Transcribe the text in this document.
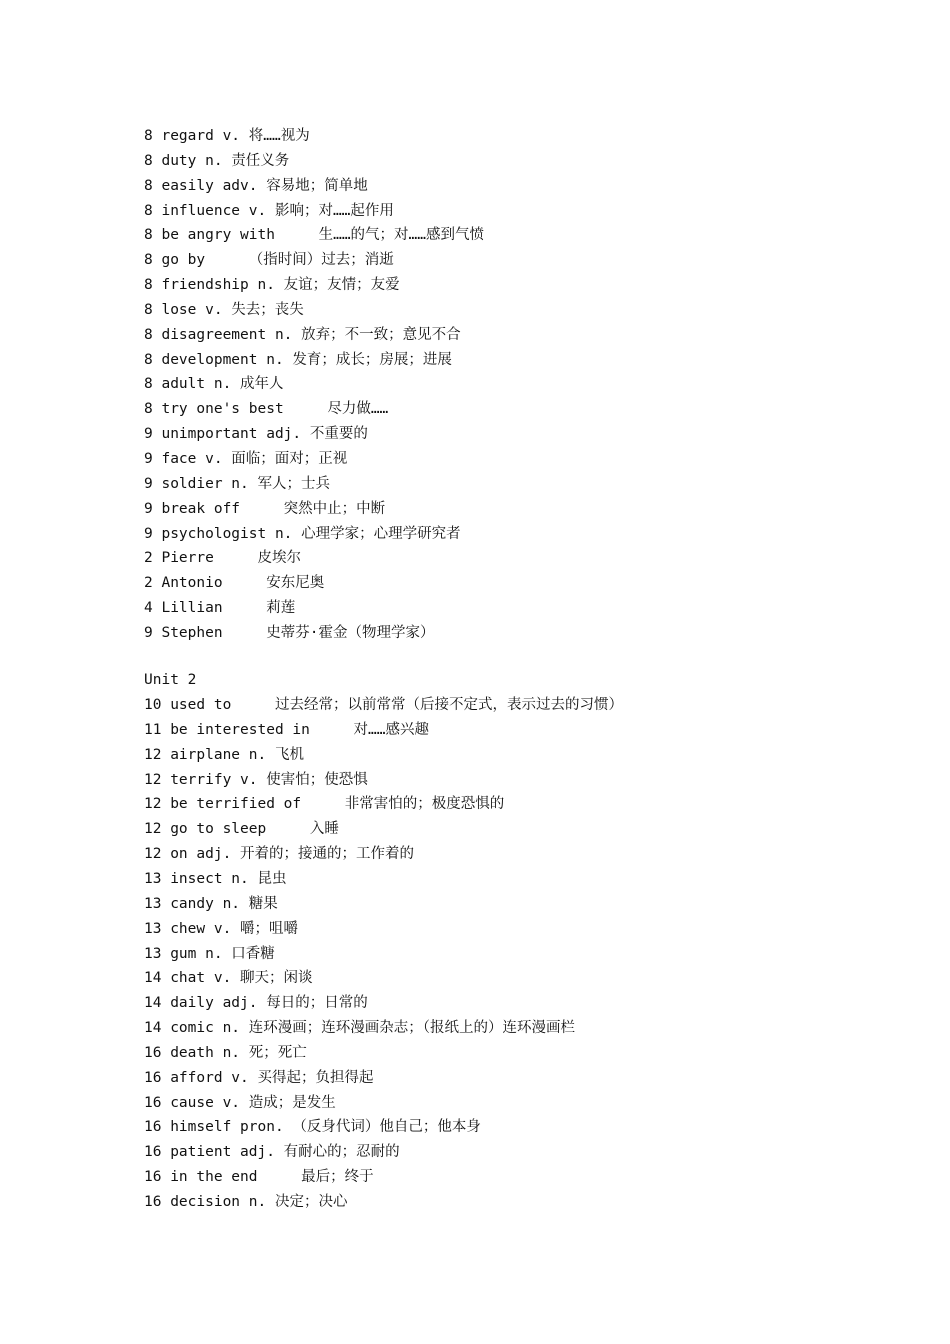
8 regard v. 将……视为
8 duty n. 责任义务
8 easily adv. 容易地；简单地
8 influence v. 影响；对……起作用
8 be angry with     生……的气；对……感到气愤
8 go by     （指时间）过去；消逝
8 friendship n. 友谊；友情；友爱
8 lose v. 失去；丧失
8 disagreement n. 放弃；不一致；意见不合
8 development n. 发育；成长；房展；进展
8 adult n. 成年人
8 try one's best     尽力做……
9 unimportant adj. 不重要的
9 face v. 面临；面对；正视
9 soldier n. 军人；士兵
9 break off     突然中止；中断
9 psychologist n. 心理学家；心理学研究者
2 Pierre     皮埃尔
2 Antonio     安东尼奥
4 Lillian     莉莲
9 Stephen     史蒂芬·霍金（物理学家）
Unit 2
10 used to     过去经常；以前常常（后接不定式，表示过去的习惯）
11 be interested in     对……感兴趣
12 airplane n. 飞机
12 terrify v. 使害怕；使恐惧
12 be terrified of     非常害怕的；极度恐惧的
12 go to sleep     入睡
12 on adj. 开着的；接通的；工作着的
13 insect n. 昆虫
13 candy n. 糖果
13 chew v. 嚼；咀嚼
13 gum n. 口香糖
14 chat v. 聊天；闲谈
14 daily adj. 每日的；日常的
14 comic n. 连环漫画；连环漫画杂志；（报纸上的）连环漫画栏
16 death n. 死；死亡
16 afford v. 买得起；负担得起
16 cause v. 造成；是发生
16 himself pron. （反身代词）他自己；他本身
16 patient adj. 有耐心的；忍耐的
16 in the end     最后；终于
16 decision n. 决定；决心
